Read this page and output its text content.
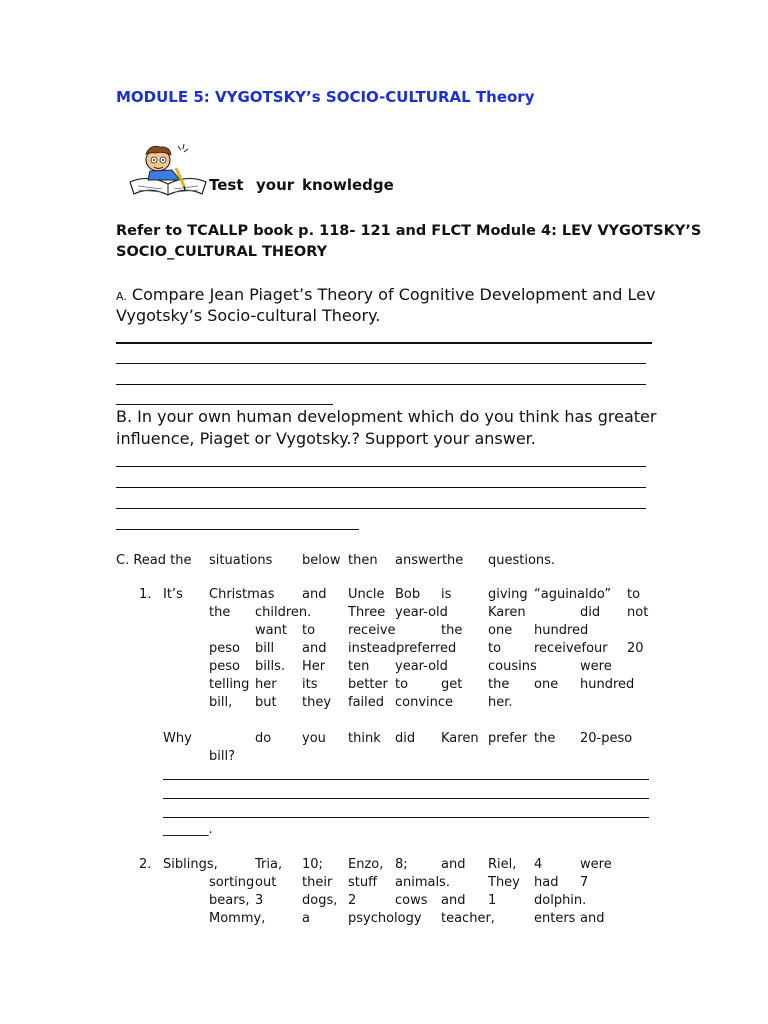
MODULE 5: VYGOTSKY’s SOCIO-CULTURAL Theory
Test your knowledge
Refer to TCALLP book p. 118- 121 and FLCT Module 4: LEV VYGOTSKY’S
SOCIO_CULTURAL THEORY
A. Compare Jean Piaget’s Theory of Cognitive Development and Lev
Vygotsky’s Socio-cultural Theory.
B. In your own human development which do you think has greater
influence, Piaget or Vygotsky.? Support your answer.
C. Read the situations below then answerthe questions.
1. It’s Christmas and Uncle Bob is	giving “aguinaldo” to
the children.	Three year-old	Karen	did not
want to	receive	the one hundred
peso bill and insteadpreferred to	receivefour 20
peso bills. Her ten year-old	cousins	were
telling her its better to	get the one hundred
bill, but they failed convince	her.
Why	do you think did Karen prefer the 20-peso
bill?
_______.
2. Siblings,	Tria, 10; Enzo, 8;	and Riel, 4	were
sorting out their stuff animals.	They had 7
bears, 3	dogs, 2	cows and 1	dolphin.
Mommy,	a	psychology teacher,	enters and
